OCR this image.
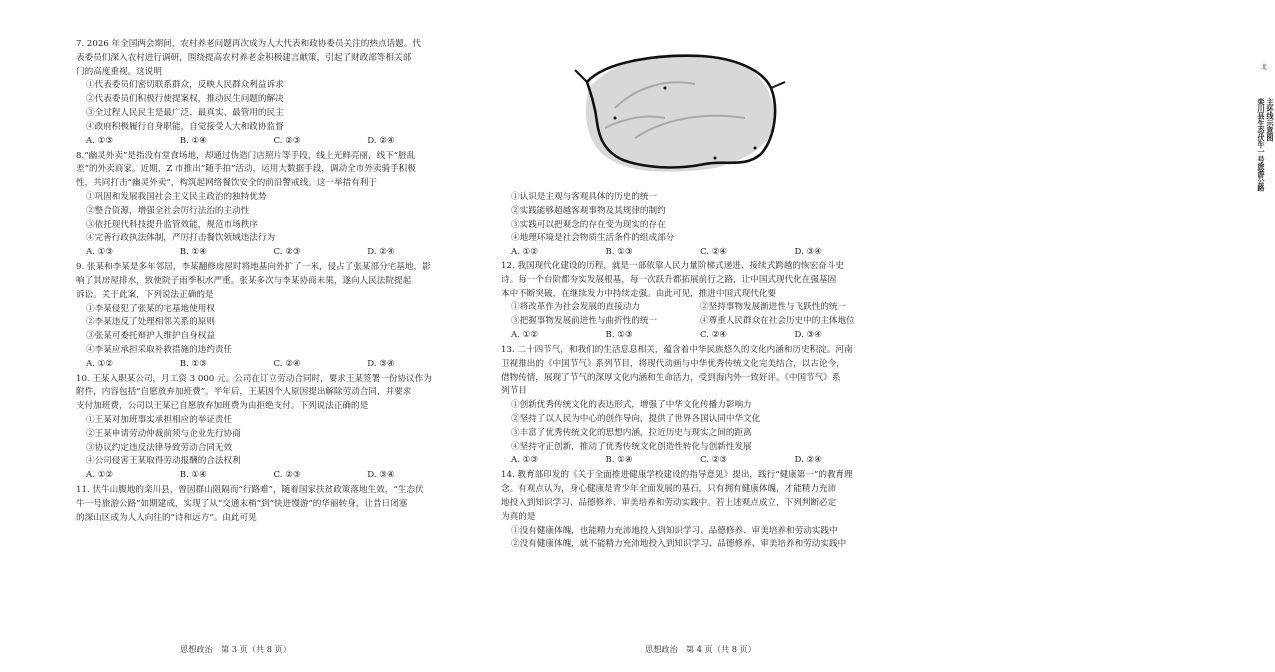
7. 2026 年全国两会期间，农村养老问题再次成为人大代表和政协委员关注的热点话题。代
表委员们深入农村进行调研，围绕提高农村养老金积极建言献策，引起了财政部等相关部
门的高度重视。这说明
①代表委员们密切联系群众，反映人民群众利益诉求
②代表委员们积极行使提案权，推动民生问题的解决
③全过程人民民主是最广泛、最真实、最管用的民主
④政府积极履行自身职能，自觉接受人大和政协监督
A. ①③	B. ①④	C. ②③	D. ②④
8.“幽灵外卖”是指没有堂食场地，却通过伪造门店照片等手段，线上光鲜亮丽，线下“脏乱
差”的外卖商家。近期，Z 市推出“随手拍”活动，运用大数据手段，调动全市外卖骑手积极
性，共同打击“幽灵外卖”，构筑起网络餐饮安全的前沿警戒线。这一举措有利于
①巩固和发展我国社会主义民主政治的独特优势
②整合资源，增强全社会厉行法治的主动性
③依托现代科技提升监管效能，规范市场秩序
④完善行政执法体制，严厉打击餐饮领域违法行为
A. ①③	B. ①④	C. ②③	D. ②④
9. 张某和李某是多年邻居，李某翻修房屋时将地基向外扩了一米，侵占了张某部分宅基地，影
响了其房屋排水，致使院子雨季积水严重。张某多次与李某协商未果，遂向人民法院提起
诉讼。关于此案，下列说法正确的是
①李某侵犯了张某的宅基地使用权
②李某违反了处理相邻关系的原则
③张某可委托辩护人维护自身权益
④李某应承担采取补救措施的违约责任
A. ①②	B. ①③	C. ②④	D. ③④
10. 王某入职某公司，月工资 3 000 元。公司在订立劳动合同时，要求王某签署一份协议作为
附件，内容包括“自愿放弃加班费”。半年后，王某因个人原因提出解除劳动合同，并要求
支付加班费，公司以王某已自愿放弃加班费为由拒绝支付。下列说法正确的是
①王某对加班事实承担相应的举证责任
②王某申请劳动仲裁前须与企业先行协商
③协议约定违反法律导致劳动合同无效
④公司侵害王某取得劳动报酬的合法权利
A. ①②	B. ①④	C. ②③	D. ③④
11. 伏牛山腹地的栾川县，曾因群山阻隔而“行路难”，随着国家扶贫政策落地生效，“生态伏
牛一号旅游公路”如期建成，实现了从“交通末梢”到“快进慢游”的华丽转身，让昔日闭塞
的深山区成为人人向往的“诗和远方”。由此可见
思想政治　第 3 页（共 8 页）
北
主环线示意图
栾川县生态伏牛一号旅游公路
①认识是主观与客观具体的历史的统一
②实践能够超越客观事物及其规律的制约
③实践可以把观念的存在变为现实的存在
④地理环境是社会物质生活条件的组成部分
A. ①②	B. ①③	C. ②④	D. ③④
12. 我国现代化建设的历程，就是一部依靠人民力量阶梯式递进、接续式跨越的恢宏奋斗史
诗。每一个台阶都夯实发展根基，每一次跃升都拓展前行之路，让中国式现代化在强基固
本中不断突破，在继续发力中持续走强。由此可见，推进中国式现代化要
①将改革作为社会发展的直接动力	②坚持事物发展渐进性与飞跃性的统一
③把握事物发展前进性与曲折性的统一	④尊重人民群众在社会历史中的主体地位
A. ①②	B. ①③	C. ②④	D. ③④
13. 二十四节气，和我们的生活息息相关，蕴含着中华民族悠久的文化内涵和历史积淀。河南
卫视推出的《中国节气》系列节目，将现代动画与中华优秀传统文化完美结合，以古论今，
借物传情，展现了节气的深厚文化内涵和生命活力，受到海内外一致好评。《中国节气》系
列节目
①创新优秀传统文化的表达形式，增强了中华文化传播力影响力
②坚持了以人民为中心的创作导向，提供了世界各国认同中华文化
③丰富了优秀传统文化的思想内涵，拉近历史与现实之间的距离
④坚持守正创新，推动了优秀传统文化创造性转化与创新性发展
A. ①③	B. ①④	C. ②③	D. ②④
14. 教育部印发的《关于全面推进健康学校建设的指导意见》提出，践行“健康第一”的教育理
念。有观点认为，身心健康是青少年全面发展的基石，只有拥有健康体魄，才能精力充沛
地投入到知识学习、品德修养、审美培养和劳动实践中。若上述观点成立，下列判断必定
为真的是
①没有健康体魄，也能精力充沛地投入到知识学习、品德修养、审美培养和劳动实践中
②没有健康体魄，就不能精力充沛地投入到知识学习、品德修养、审美培养和劳动实践中
思想政治　第 4 页（共 8 页）
